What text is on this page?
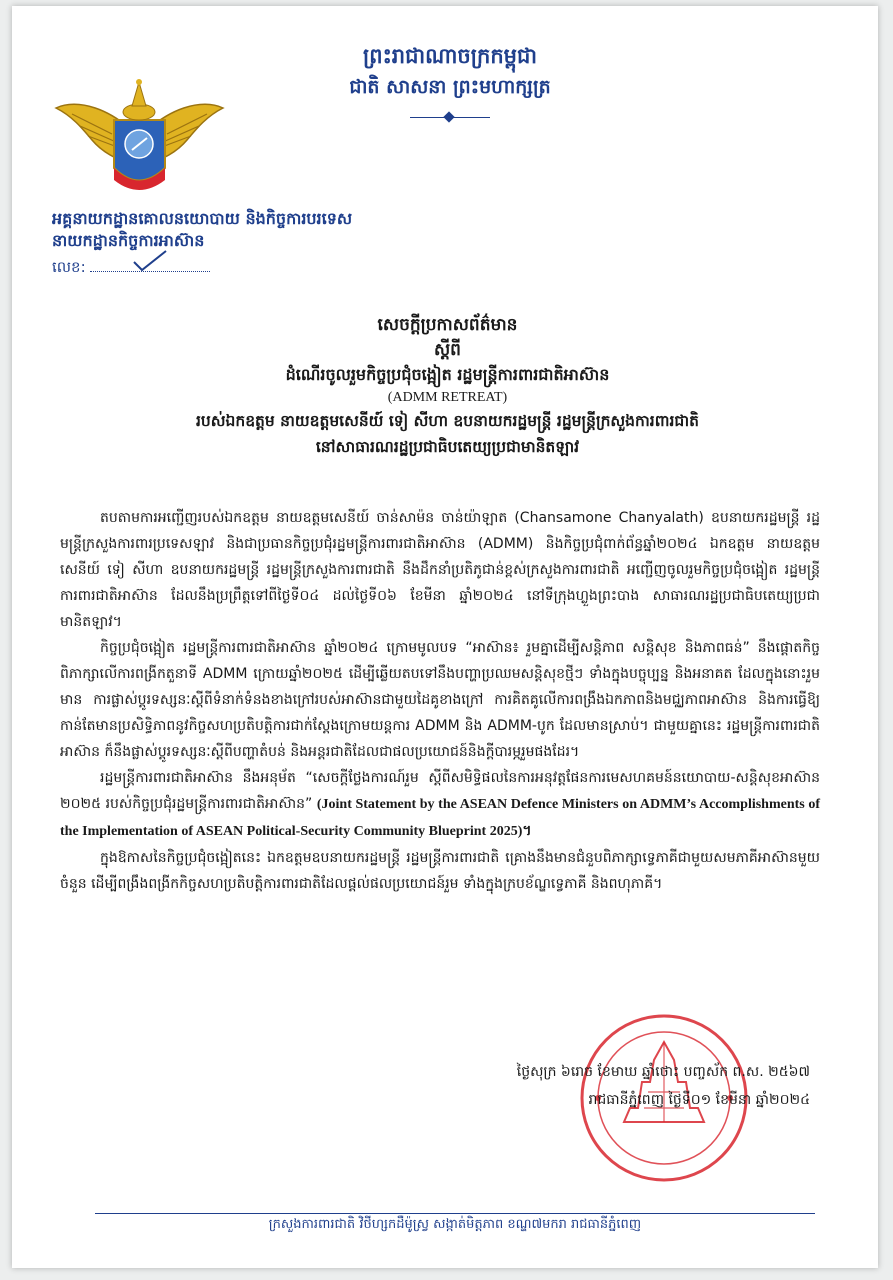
ព្រះរាជាណាចក្រកម្ពុជា
ជាតិ សាសនា ព្រះមហាក្សត្រ
អគ្គនាយកដ្ឋានគោលនយោបាយ និងកិច្ចការបរទេស
នាយកដ្ឋានកិច្ចការអាស៊ាន
លេខ:
សេចក្តីប្រកាសព័ត៌មាន
ស្តីពី
ដំណើរចូលរួមកិច្ចប្រជុំចង្អៀត រដ្ឋមន្ត្រីការពារជាតិអាស៊ាន
(ADMM RETREAT)
របស់ឯកឧត្តម នាយឧត្តមសេនីយ៍ ទៀ សីហា ឧបនាយករដ្ឋមន្ត្រី រដ្ឋមន្ត្រីក្រសួងការពារជាតិ
នៅសាធារណរដ្ឋប្រជាធិបតេយ្យប្រជាមានិតឡាវ

តបតាមការអញ្ជើញរបស់ឯកឧត្តម នាយឧត្តមសេនីយ៍ ចាន់សាម៉ន ចាន់យ៉ាឡាត (Chansamone Chanyalath) ឧបនាយករដ្ឋមន្ត្រី រដ្ឋមន្ត្រីក្រសួងការពារប្រទេសឡាវ និងជាប្រធានកិច្ចប្រជុំរដ្ឋមន្ត្រីការពារជាតិអាស៊ាន (ADMM) និងកិច្ចប្រជុំពាក់ព័ន្ធឆ្នាំ២០២៤ ឯកឧត្តម នាយឧត្តមសេនីយ៍ ទៀ សីហា ឧបនាយករដ្ឋមន្ត្រី រដ្ឋមន្ត្រីក្រសួងការពារជាតិ នឹងដឹកនាំប្រតិភូជាន់ខ្ពស់ក្រសួងការពារជាតិ អញ្ជើញចូលរួមកិច្ចប្រជុំចង្អៀត រដ្ឋមន្ត្រីការពារជាតិអាស៊ាន ដែលនឹងប្រព្រឹត្តទៅពីថ្ងៃទី០៤ ដល់ថ្ងៃទី០៦ ខែមីនា ឆ្នាំ២០២៤ នៅទីក្រុងហ្លួងព្រះបាង សាធារណរដ្ឋប្រជាធិបតេយ្យប្រជាមានិតឡាវ។

កិច្ចប្រជុំចង្អៀត រដ្ឋមន្ត្រីការពារជាតិអាស៊ាន ឆ្នាំ២០២៤ ក្រោមមូលបទ “អាស៊ាន៖ រួមគ្នាដើម្បីសន្តិភាព សន្តិសុខ និងភាពធន់” នឹងផ្តោតកិច្ចពិភាក្សាលើការពង្រីកតួនាទី ADMM ក្រោយឆ្នាំ២០២៥ ដើម្បីឆ្លើយតបទៅនឹងបញ្ហាប្រឈមសន្តិសុខថ្មីៗ ទាំងក្នុងបច្ចុប្បន្ន និងអនាគត ដែលក្នុងនោះរួមមាន ការផ្លាស់ប្តូរទស្សនៈស្តីពីទំនាក់ទំនងខាងក្រៅរបស់អាស៊ានជាមួយដៃគូខាងក្រៅ ការគិតគូលើការពង្រឹងឯកភាពនិងមជ្ឈភាពអាស៊ាន និងការធ្វើឱ្យកាន់តែមានប្រសិទ្ធិភាពនូវកិច្ចសហប្រតិបត្តិការជាក់ស្តែងក្រោមយន្តការ ADMM និង ADMM-បូក ដែលមានស្រាប់។ ជាមួយគ្នានេះ រដ្ឋមន្ត្រីការពារជាតិអាស៊ាន ក៏នឹងផ្លាស់ប្តូរទស្សនៈស្តីពីបញ្ហាតំបន់ និងអន្តរជាតិដែលជាផលប្រយោជន៍និងក្តីបារម្ភរួមផងដែរ។

រដ្ឋមន្ត្រីការពារជាតិអាស៊ាន នឹងអនុម័ត “សេចក្តីថ្លែងការណ៍រួម ស្តីពីសមិទ្ធិផលនៃការអនុវត្តផែនការមេសហគមន៍នយោបាយ-សន្តិសុខអាស៊ាន ២០២៥ របស់កិច្ចប្រជុំរដ្ឋមន្ត្រីការពារជាតិអាស៊ាន” (Joint Statement by the ASEAN Defence Ministers on ADMM’s Accomplishments of the Implementation of ASEAN Political-Security Community Blueprint 2025)។

ក្នុងឱកាសនៃកិច្ចប្រជុំចង្អៀតនេះ ឯកឧត្តមឧបនាយករដ្ឋមន្ត្រី រដ្ឋមន្ត្រីការពារជាតិ គ្រោងនឹងមានជំនួបពិភាក្សាទ្វេភាគីជាមួយសមភាគីអាស៊ានមួយចំនួន ដើម្បីពង្រឹងពង្រីកកិច្ចសហប្រតិបត្តិការពារជាតិដែលផ្តល់ផលប្រយោជន៍រួម ទាំងក្នុងក្របខ័ណ្ឌទ្វេភាគី និងពហុភាគី។

ថ្ងៃសុក្រ ៦រោច ខែមាឃ ឆ្នាំថោះ បញ្ចស័ក ព.ស. ២៥៦៧
រាជធានីភ្នំពេញ ថ្ងៃទី០១ ខែមីនា ឆ្នាំ២០២៤
ក្រសួងការពារជាតិ វិថីហ្សកដឺម៉ូស្រ្វ សង្កាត់មិត្តភាព ខណ្ឌ៧មករា រាជធានីភ្នំពេញ
